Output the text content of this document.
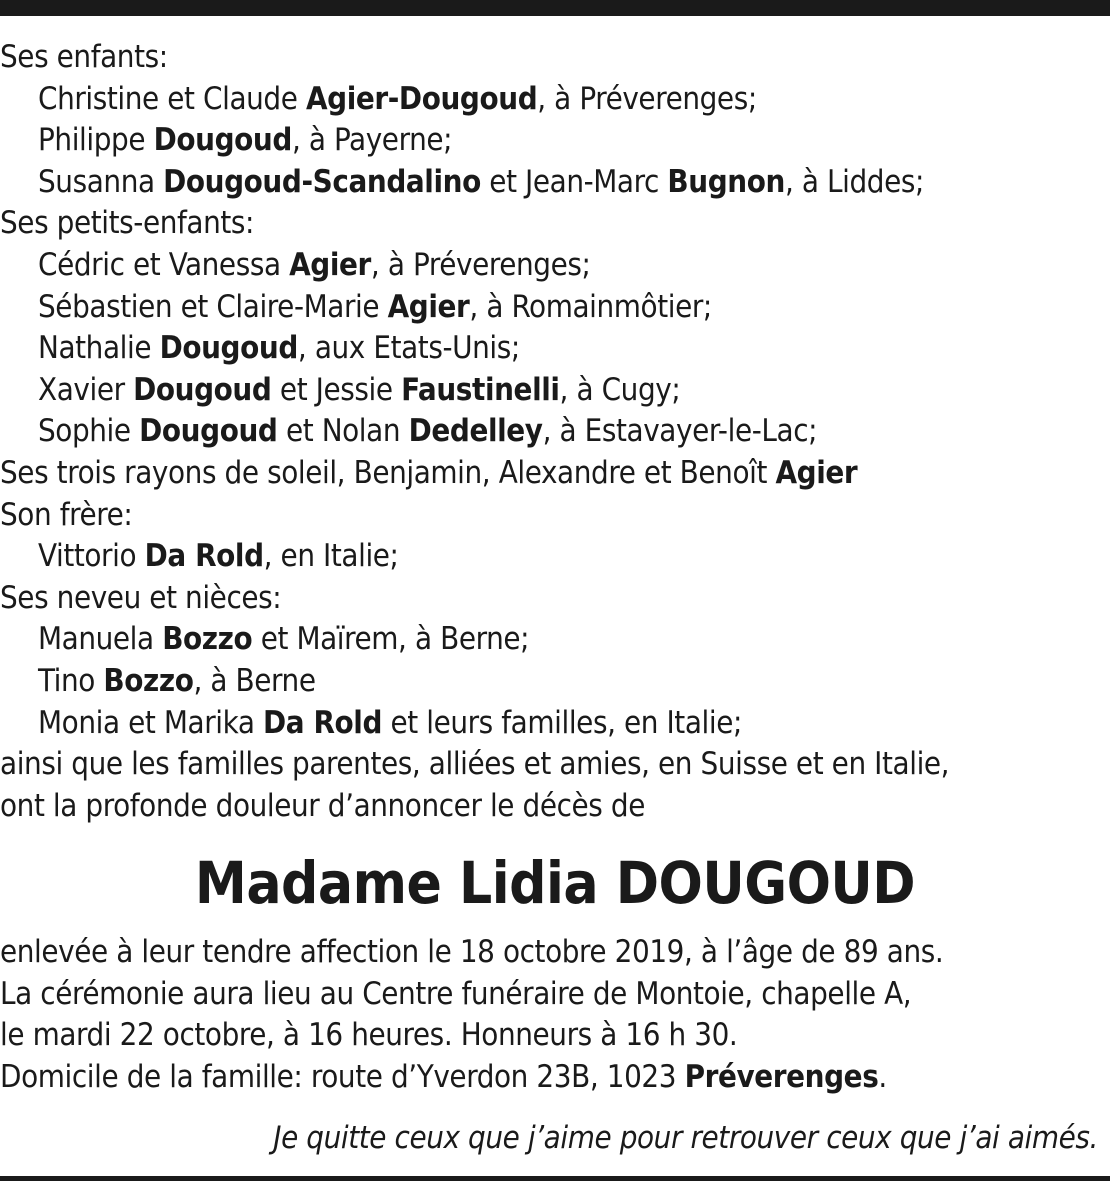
Ses enfants:
Christine et Claude Agier-Dougoud, à Préverenges;
Philippe Dougoud, à Payerne;
Susanna Dougoud-Scandalino et Jean-Marc Bugnon, à Liddes;
Ses petits-enfants:
Cédric et Vanessa Agier, à Préverenges;
Sébastien et Claire-Marie Agier, à Romainmôtier;
Nathalie Dougoud, aux Etats-Unis;
Xavier Dougoud et Jessie Faustinelli, à Cugy;
Sophie Dougoud et Nolan Dedelley, à Estavayer-le-Lac;
Ses trois rayons de soleil, Benjamin, Alexandre et Benoît Agier
Son frère:
Vittorio Da Rold, en Italie;
Ses neveu et nièces:
Manuela Bozzo et Maïrem, à Berne;
Tino Bozzo, à Berne
Monia et Marika Da Rold et leurs familles, en Italie;
ainsi que les familles parentes, alliées et amies, en Suisse et en Italie,
ont la profonde douleur d’annoncer le décès de
Madame Lidia DOUGOUD
enlevée à leur tendre affection le 18 octobre 2019, à l’âge de 89 ans.
La cérémonie aura lieu au Centre funéraire de Montoie, chapelle A,
le mardi 22 octobre, à 16 heures. Honneurs à 16 h 30.
Domicile de la famille: route d’Yverdon 23B, 1023 Préverenges.
Je quitte ceux que j’aime pour retrouver ceux que j’ai aimés.
